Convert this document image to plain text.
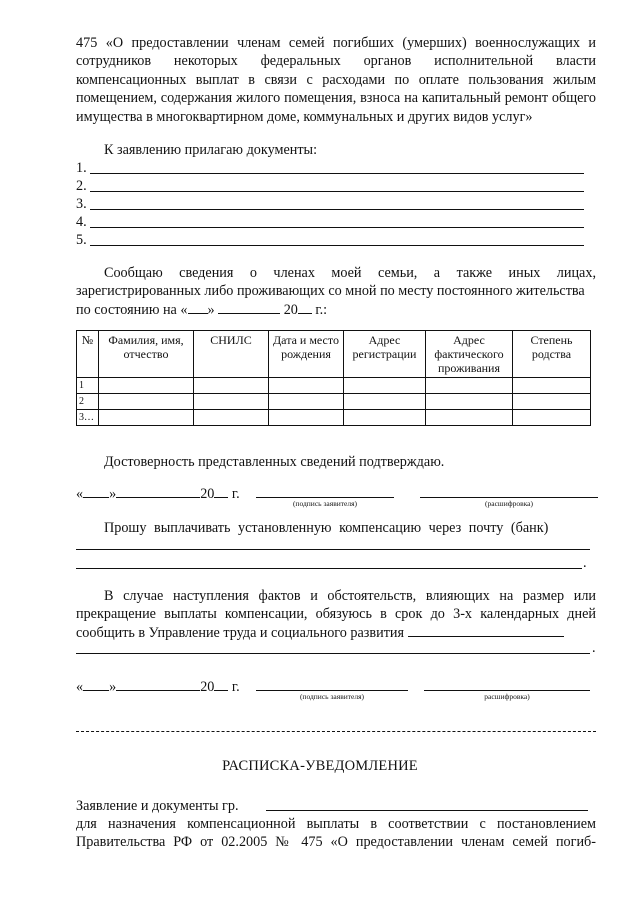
475 «О предоставлении членам семей погибших (умерших) военнослужащих и сотрудников некоторых федеральных органов исполнительной власти компенсационных выплат в связи с расходами по оплате пользования жилым помещением, содержания жилого помещения, взноса на капитальный ремонт общего имущества в многоквартирном доме, коммунальных и других видов услуг»
К заявлению прилагаю документы:
1.
2.
3.
4.
5.
Сообщаю сведения о членах моей семьи, а также иных лицах, зарегистрированных либо проживающих со мной по месту постоянного жительства
по состоянию на « »	20 г.:
№	Фамилия, имя, отчество	СНИЛС	Дата и место рождения	Адрес регистрации	Адрес фактического проживания	Степень родства
1						
2						
3…						
Достоверность представленных сведений подтверждаю.
« »	20 г.
(подпись заявителя)	(расшифровка)
Прошу выплачивать установленную компенсацию через почту (банк)
.
В случае наступления фактов и обстоятельств, влияющих на размер или прекращение выплаты компенсации, обязуюсь в срок до 3-х календарных дней сообщить в Управление труда и социального развития
.
« »	20 г.
(подпись заявителя)	расшифровка)
РАСПИСКА-УВЕДОМЛЕНИЕ
Заявление и документы гр.
для назначения компенсационной выплаты в соответствии с постановлением
Правительства РФ от 02.2005 № 475 «О предоставлении членам семей погиб-
